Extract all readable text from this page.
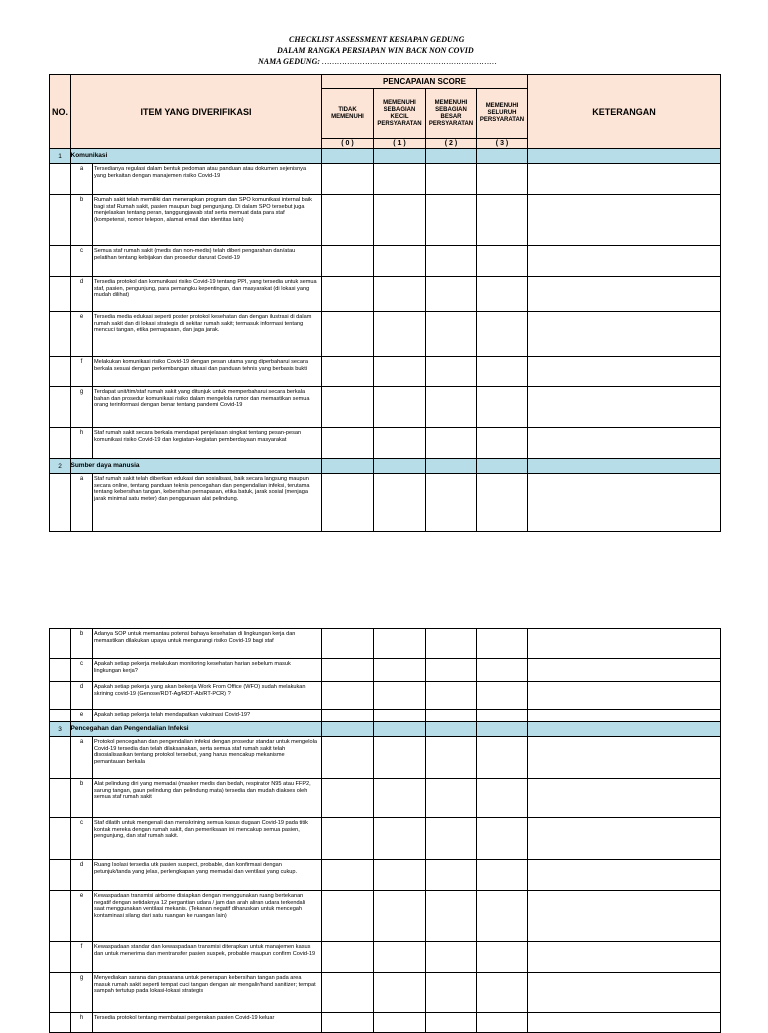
CHECKLIST ASSESSMENT KESIAPAN GEDUNG
DALAM RANGKA PERSIAPAN WIN BACK NON COVID
NAMA GEDUNG: ……………………………………………………………
NO.	ITEM YANG DIVERIFIKASI		PENCAPAIAN SCORE				KETERANGAN
			TIDAK MEMENUHI	MEMENUHI SEBAGIAN KECIL PERSYARATAN	MEMENUHI SEBAGIAN BESAR PERSYARATAN	MEMENUHI SELURUH PERSYARATAN	
			( 0 )	( 1 )	( 2 )	( 3 )	
1		Komunikasi					

	a	Tersedianya regulasi dalam bentuk pedoman atau panduan atau dokumen sejenisnya yang berkaitan dengan manajemen risiko Covid-19					
	b	Rumah sakit telah memiliki dan menerapkan program dan SPO komunikasi internal baik bagi staf Rumah sakit, pasien maupun bagi pengunjung. Di dalam SPO tersebut juga menjelaskan tentang peran, tanggungjawab staf serta memuat data para staf (kompetensi, nomor telepon, alamat email dan identitas lain)					
	c	Semua staf rumah sakit (medis dan non-medis) telah diberi pengarahan dan/atau pelatihan tentang kebijakan dan prosedur darurat Covid-19					
	d	Tersedia protokol dan komunikasi risiko Covid-19 tentang PPI, yang tersedia untuk semua staf, pasien, pengunjung, para pemangku kepentingan, dan masyarakat (di lokasi yang mudah dilihat)					
	e	Tersedia media edukasi seperti poster protokol kesehatan dan dengan ilustrasi di dalam rumah sakit dan di lokasi strategis di sekitar rumah sakit; termasuk informasi tentang mencuci tangan, etika pernapasan, dan jaga jarak.					
	f	Melakukan komunikasi risiko Covid-19 dengan pesan utama yang diperbaharui secara berkala sesuai dengan perkembangan situasi dan panduan tehnis yang berbasis bukti					
	g	Terdapat unit/tim/staf rumah sakit yang ditunjuk untuk memperbaharui secara berkala bahan dan prosedur komunikasi risiko dalam mengelola rumor dan memastikan semua orang terinformasi dengan benar tentang pandemi Covid-19					
	h	Staf rumah sakit secara berkala mendapat penjelasan singkat tentang pesan-pesan komunikasi risiko Covid-19 dan kegiatan-kegiatan pemberdayaan masyarakat					
2		Sumber daya manusia					

	a	Staf rumah sakit telah diberikan edukasi dan sosialisasi, baik secara langsung maupun secara online, tentang panduan teknis pencegahan dan pengendalian infeksi, terutama tentang kebersihan tangan, kebersihan pernapasan, etika batuk, jarak sosial (menjaga jarak minimal satu meter) dan penggunaan alat pelindung.					
	b	Adanya SOP untuk memantau potensi bahaya kesehatan di lingkungan kerja dan memastikan dilakukan upaya untuk mengurangi risiko Covid-19 bagi staf					
	c	Apakah setiap pekerja melakukan monitoring kesehatan harian sebelum masuk lingkungan kerja?					
	d	Apakah setiap pekerja yang akan bekerja Work From Office (WFO) sudah melakukan skrining covid-19 (Genose/RDT-Ag/RDT-Ab/RT-PCR) ?					
	e	Apakah setiap pekerja telah mendapatkan vaksinasi Covid-19?					
3		Pencegahan dan Pengendalian Infeksi					

	a	Protokol pencegahan dan pengendalian infeksi dengan prosedur standar untuk mengelola Covid-19 tersedia dan telah dilaksanakan, serta semua staf rumah sakit telah disosialisasikan tentang protokol tersebut, yang harus mencakup mekanisme pemantauan berkala					
	b	Alat pelindung diri yang memadai (masker medis dan bedah, respirator N95 atau FFP2, sarung tangan, gaun pelindung dan pelindung mata) tersedia dan mudah diakses oleh semua staf rumah sakit					
	c	Staf dilatih untuk mengenali dan menskrining semua kasus dugaan Covid-19 pada titik kontak mereka dengan rumah sakit, dan pemeriksaan ini mencakup semua pasien, pengunjung, dan staf rumah sakit.					
	d	Ruang Isolasi tersedia utk pasien suspect, probable, dan konfirmasi dengan petunjuk/tanda yang jelas, perlengkapan yang memadai dan ventilasi yang cukup.					
	e	Kewaspadaan transmisi airborne disiapkan dengan menggunakan ruang bertekanan negatif dengan setidaknya 12 pergantian udara / jam dan arah aliran udara terkendali saat menggunakan ventilasi mekanis. (Tekanan negatif diharuskan untuk mencegah kontaminasi silang dari satu ruangan ke ruangan lain)					
	f	Kewaspadaan standar dan kewaspadaan transmisi diterapkan untuk manajemen kasus dan untuk menerima dan mentransfer pasien suspek, probable maupun confirm Covid-19					
	g	Menyediakan sarana dan prasarana untuk penerapan kebersihan tangan pada area masuk rumah sakit seperti tempat cuci tangan dengan air mengalir/hand sanitizer; tempat sampah tertutup pada lokasi-lokasi strategis					
	h	Tersedia protokol tentang membatasi pergerakan pasien Covid-19 keluar					
